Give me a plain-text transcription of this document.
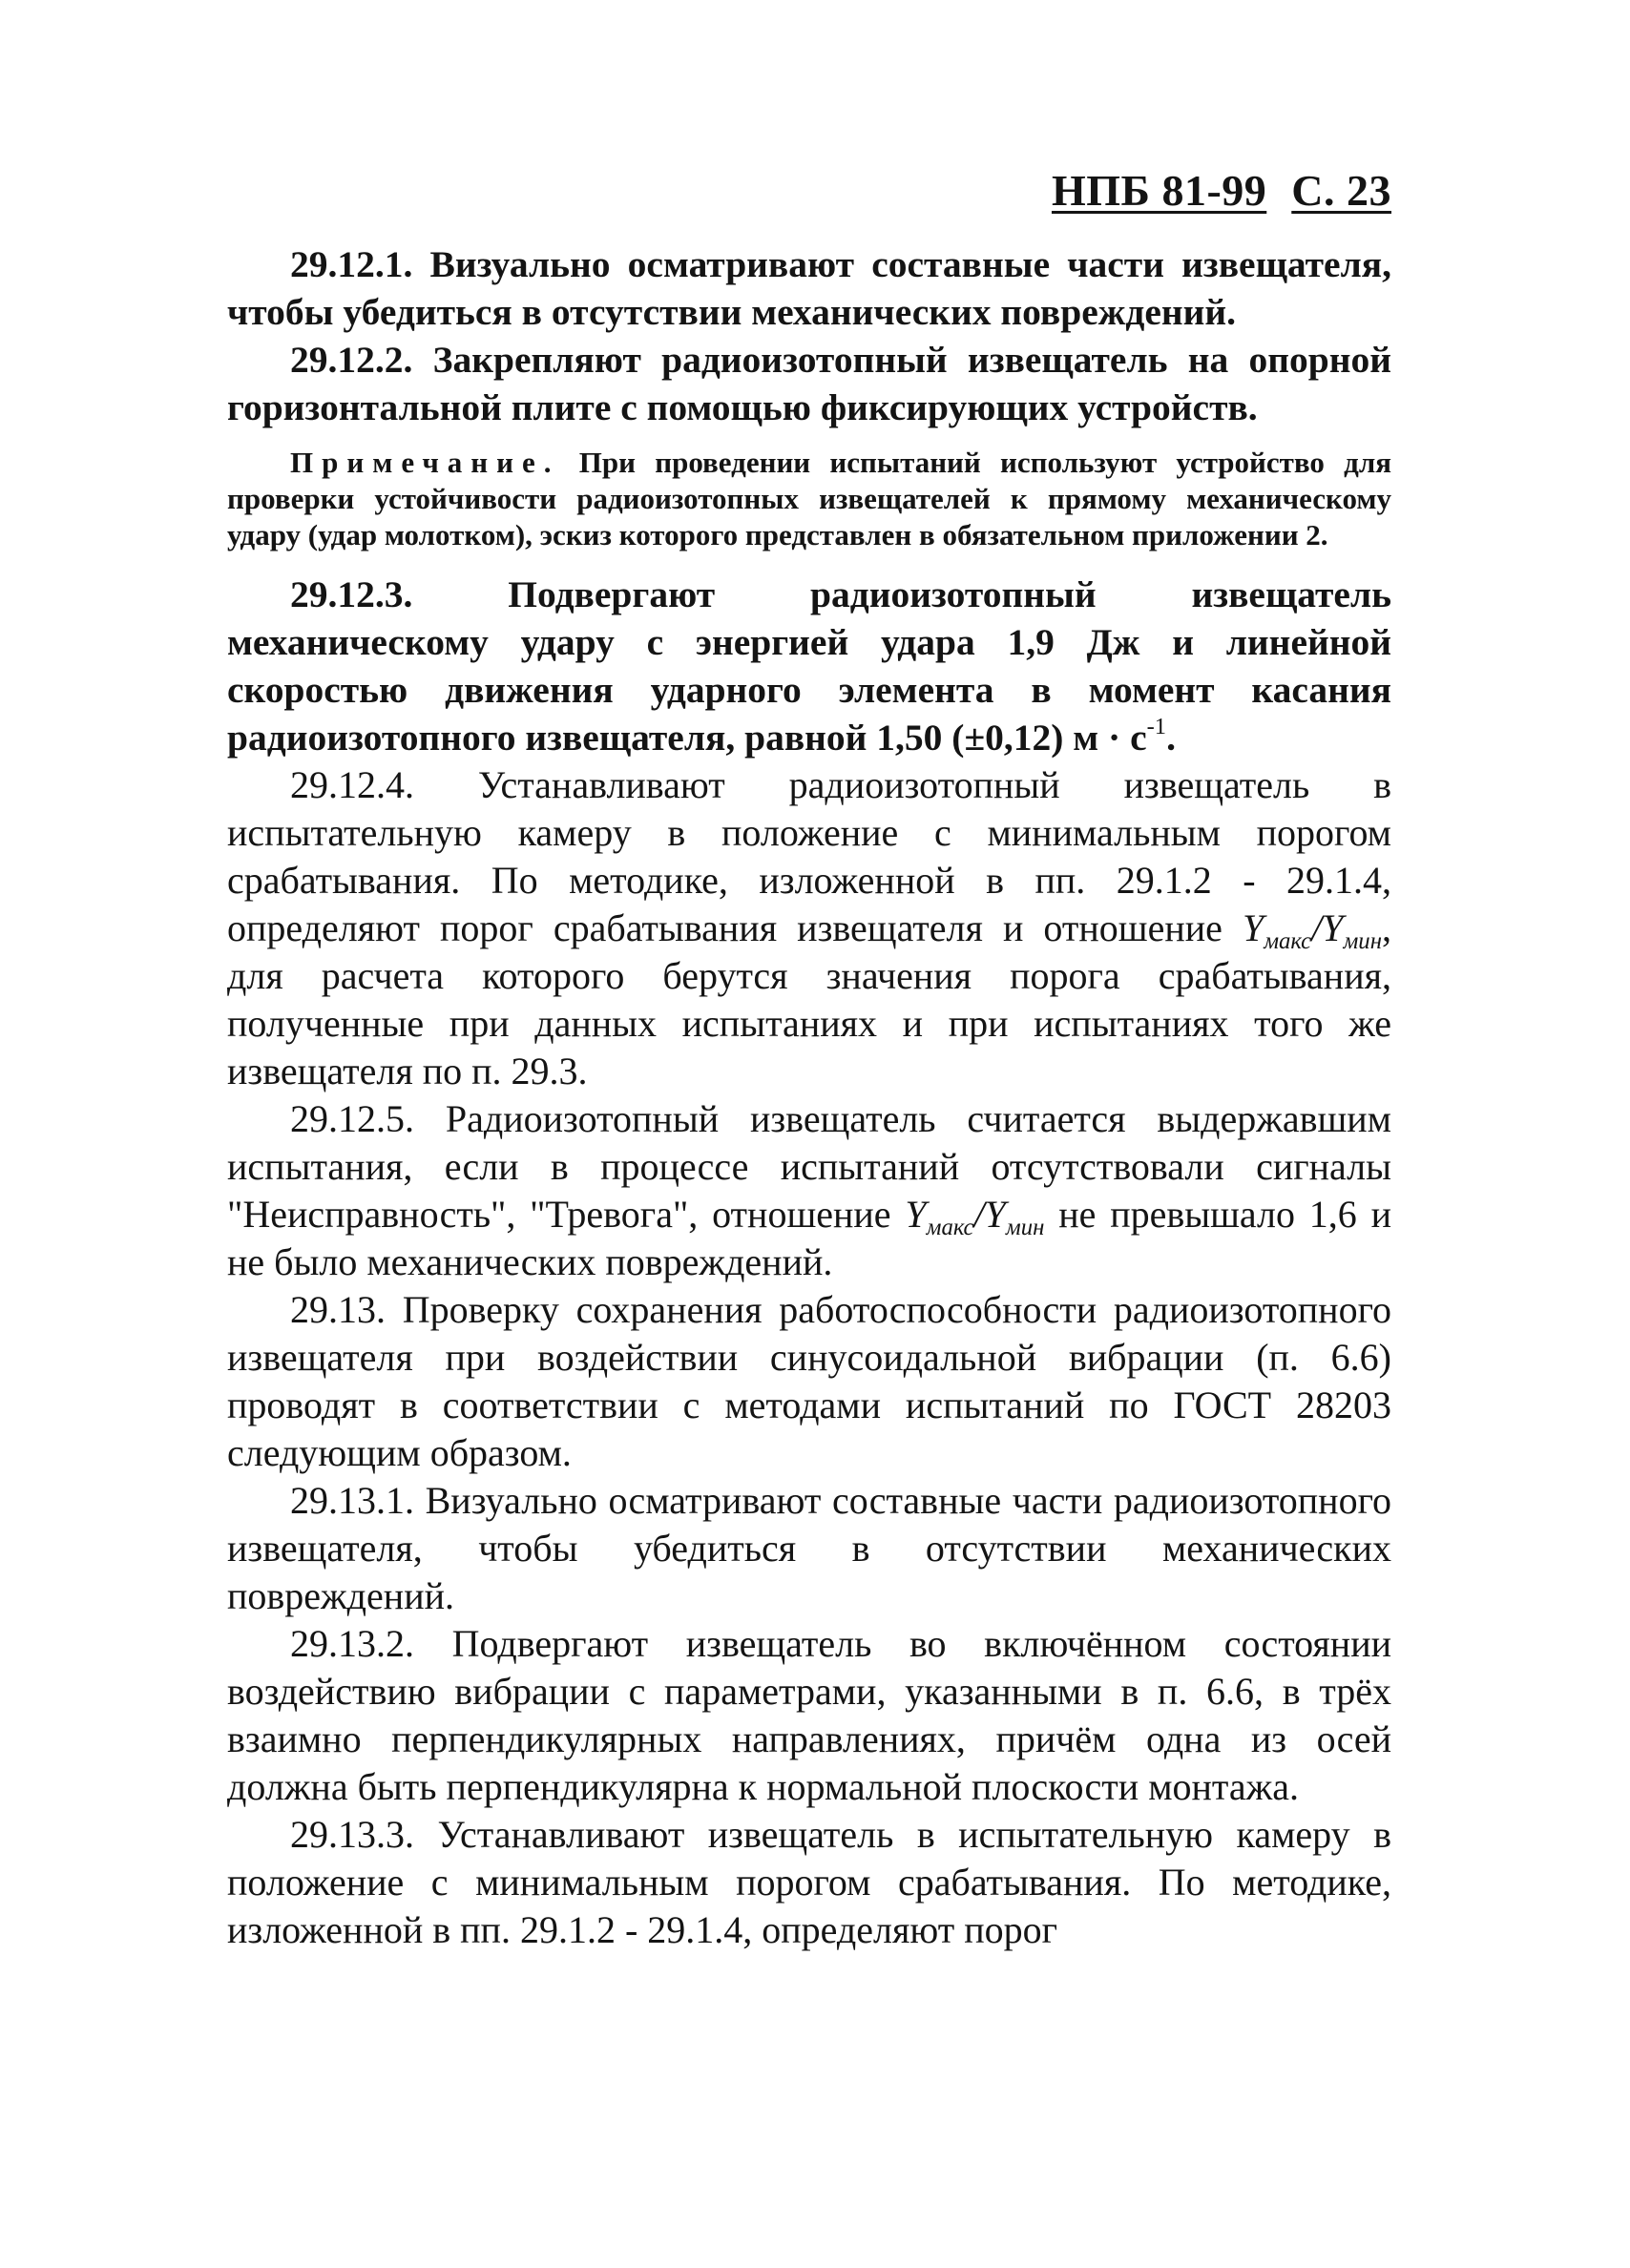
НПБ 81-99 С. 23

29.12.1. Визуально осматривают составные части извещателя, чтобы убедиться в отсутствии механических повреждений.

29.12.2. Закрепляют радиоизотопный извещатель на опорной горизонтальной плите с помощью фиксирующих устройств.

Примечание. При проведении испытаний используют устройство для проверки устойчивости радиоизотопных извещателей к прямому механическому удару (удар молотком), эскиз которого представлен в обязательном приложении 2.

29.12.3. Подвергают радиоизотопный извещатель механическому удару с энергией удара 1,9 Дж и линейной скоростью движения ударного элемента в момент касания радиоизотопного извещателя, равной 1,50 (±0,12) $м \cdot с^{-1}$.

29.12.4. Устанавливают радиоизотопный извещатель в испытательную камеру в положение с минимальным порогом срабатывания. По методике, изложенной в пп. 29.1.2 - 29.1.4, определяют порог срабатывания извещателя и отношение $Y_{макс}/Y_{мин}$, для расчета которого берутся значения порога срабатывания, полученные при данных испытаниях и при испытаниях того же извещателя по п. 29.3.

29.12.5. Радиоизотопный извещатель считается выдержавшим испытания, если в процессе испытаний отсутствовали сигналы "Неисправность", "Тревога", отношение $Y_{макс}/Y_{мин}$ не превышало 1,6 и не было механических повреждений.

29.13. Проверку сохранения работоспособности радиоизотопного извещателя при воздействии синусоидальной вибрации (п. 6.6) проводят в соответствии с методами испытаний по ГОСТ 28203 следующим образом.

29.13.1. Визуально осматривают составные части радиоизотопного извещателя, чтобы убедиться в отсутствии механических повреждений.

29.13.2. Подвергают извещатель во включённом состоянии воздействию вибрации с параметрами, указанными в п. 6.6, в трёх взаимно перпендикулярных направлениях, причём одна из осей должна быть перпендикулярна к нормальной плоскости монтажа.

29.13.3. Устанавливают извещатель в испытательную камеру в положение с минимальным порогом срабатывания. По методике, изложенной в пп. 29.1.2 - 29.1.4, определяют порог
